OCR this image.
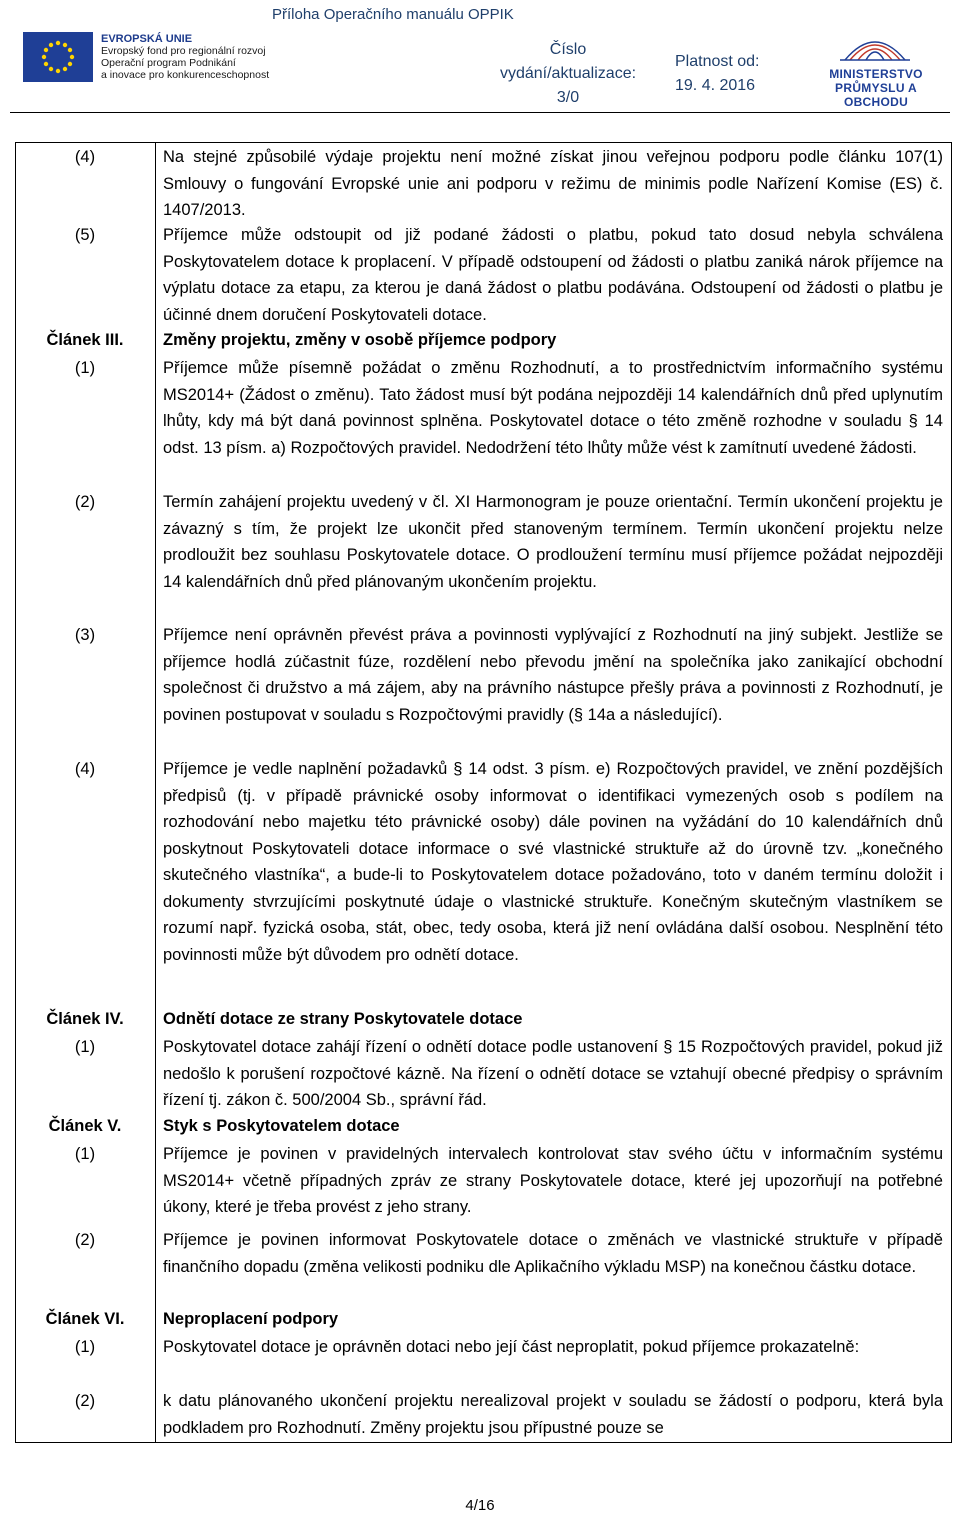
EVROPSKÁ UNIE
Evropský fond pro regionální rozvoj
Operační program Podnikání
a inovace pro konkurenceschopnost
Příloha Operačního manuálu OPPIK
Číslo
vydání/aktualizace:
3/0
Platnost od:
19. 4. 2016
MINISTERSTVO
PRŮMYSLU A OBCHODU
(4)	Na stejné způsobilé výdaje projektu není možné získat jinou veřejnou podporu podle článku 107(1) Smlouvy o fungování Evropské unie ani podporu v režimu de minimis podle Nařízení Komise (ES) č. 1407/2013.
(5)	Příjemce může odstoupit od již podané žádosti o platbu, pokud tato dosud nebyla schválena Poskytovatelem dotace k proplacení. V případě odstoupení od žádosti o platbu zaniká nárok příjemce na výplatu dotace za etapu, za kterou je daná žádost o platbu podávána. Odstoupení od žádosti o platbu je účinné dnem doručení Poskytovateli dotace.
Článek III.	Změny projektu, změny v osobě příjemce podpory
(1)	Příjemce může písemně požádat o změnu Rozhodnutí, a to prostřednictvím informačního systému MS2014+ (Žádost o změnu). Tato žádost musí být podána nejpozději 14 kalendářních dnů před uplynutím lhůty, kdy má být daná povinnost splněna. Poskytovatel dotace o této změně rozhodne v souladu § 14 odst. 13 písm. a) Rozpočtových pravidel. Nedodržení této lhůty může vést k zamítnutí uvedené žádosti.
(2)	Termín zahájení projektu uvedený v čl. XI Harmonogram je pouze orientační. Termín ukončení projektu je závazný s tím, že projekt lze ukončit před stanoveným termínem. Termín ukončení projektu nelze prodloužit bez souhlasu Poskytovatele dotace. O prodloužení termínu musí příjemce požádat nejpozději 14 kalendářních dnů před plánovaným ukončením projektu.
(3)	Příjemce není oprávněn převést práva a povinnosti vyplývající z Rozhodnutí na jiný subjekt. Jestliže se příjemce hodlá zúčastnit fúze, rozdělení nebo převodu jmění na společníka jako zanikající obchodní společnost či družstvo a má zájem, aby na právního nástupce přešly práva a povinnosti z Rozhodnutí, je povinen postupovat v souladu s Rozpočtovými pravidly (§ 14a a následující).
(4)	Příjemce je vedle naplnění požadavků § 14 odst. 3 písm. e) Rozpočtových pravidel, ve znění pozdějších předpisů (tj. v případě právnické osoby informovat o identifikaci vymezených osob s podílem na rozhodování nebo majetku této právnické osoby) dále povinen na vyžádání do 10 kalendářních dnů poskytnout Poskytovateli dotace informace o své vlastnické struktuře až do úrovně tzv. „konečného skutečného vlastníka“, a bude-li to Poskytovatelem dotace požadováno, toto v daném termínu doložit i dokumenty stvrzujícími poskytnuté údaje o vlastnické struktuře. Konečným skutečným vlastníkem se rozumí např. fyzická osoba, stát, obec, tedy osoba, která již není ovládána další osobou. Nesplnění této povinnosti může být důvodem pro odnětí dotace.
Článek IV.	Odnětí dotace ze strany Poskytovatele dotace
(1)	Poskytovatel dotace zahájí řízení o odnětí dotace podle ustanovení § 15 Rozpočtových pravidel, pokud již nedošlo k porušení rozpočtové kázně. Na řízení o odnětí dotace se vztahují obecné předpisy o správním řízení tj. zákon č. 500/2004 Sb., správní řád.
Článek V.	Styk s Poskytovatelem dotace
(1)	Příjemce je povinen v pravidelných intervalech kontrolovat stav svého účtu v informačním systému MS2014+ včetně případných zpráv ze strany Poskytovatele dotace, které jej upozorňují na potřebné úkony, které je třeba provést z jeho strany.
(2)	Příjemce je povinen informovat Poskytovatele dotace o změnách ve vlastnické struktuře v případě finančního dopadu (změna velikosti podniku dle Aplikačního výkladu MSP) na konečnou částku dotace.
Článek VI.	Neproplacení podpory
(1)	Poskytovatel dotace je oprávněn dotaci nebo její část neproplatit, pokud příjemce prokazatelně:
(2)	k datu plánovaného ukončení projektu nerealizoval projekt v souladu se žádostí o podporu, která byla podkladem pro Rozhodnutí. Změny projektu jsou přípustné pouze se
4/16
